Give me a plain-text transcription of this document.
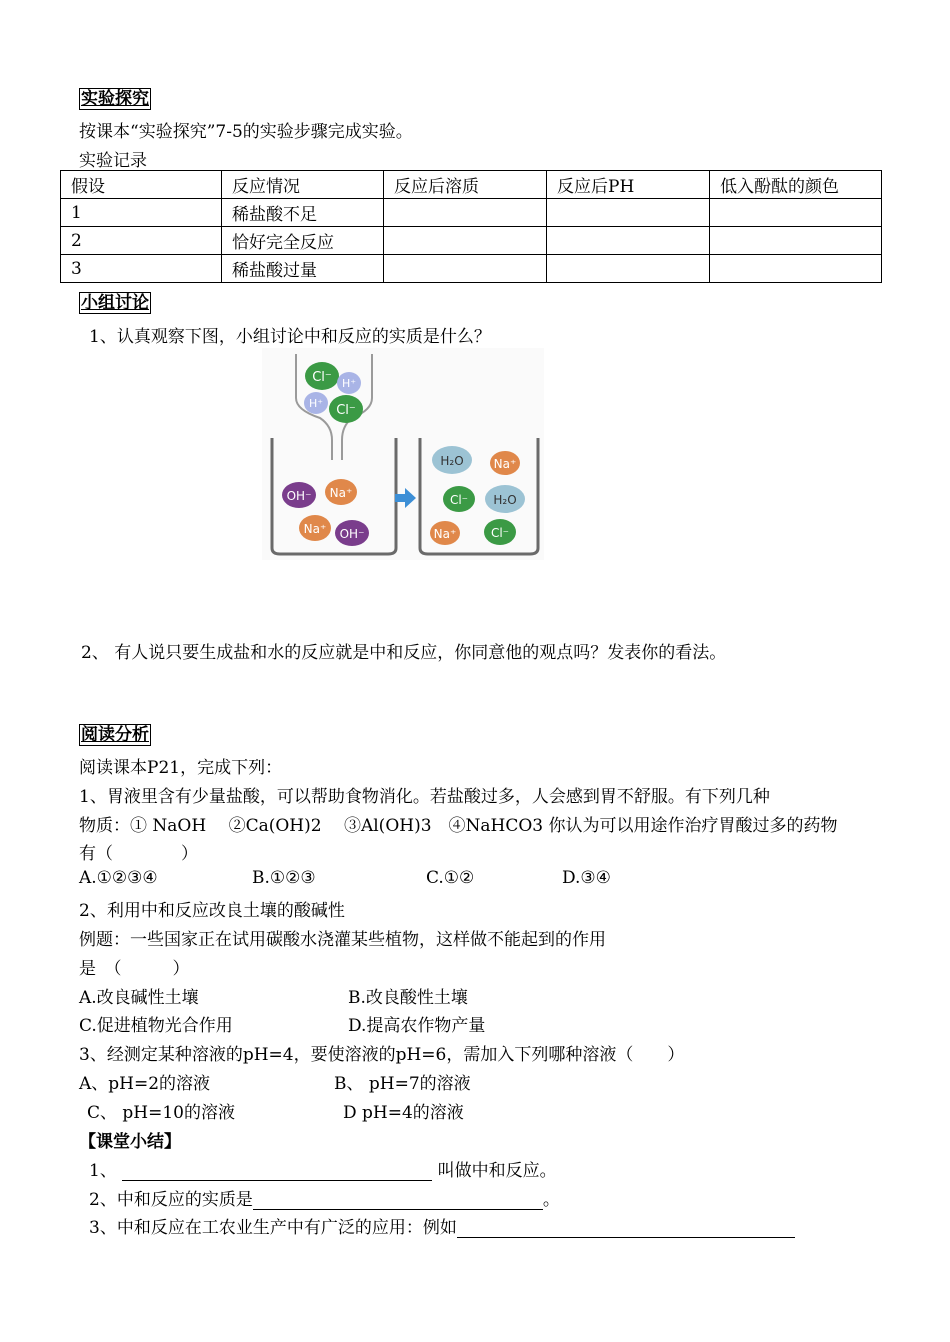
实验探究
按课本“实验探究”7-5的实验步骤完成实验。
实验记录
假设	反应情况	反应后溶质	反应后PH	低入酚酞的颜色
1	稀盐酸不足			
2	恰好完全反应			
3	稀盐酸过量			
小组讨论
1、认真观察下图，小组讨论中和反应的实质是什么？
Cl⁻ H⁺
H⁺ Cl⁻
OH⁻ Na⁺
Na⁺ OH⁻
H₂O	Na⁺
Cl⁻ H₂O
Na⁺	Cl⁻
2、 有人说只要生成盐和水的反应就是中和反应，你同意他的观点吗？发表你的看法。
阅读分析
阅读课本P21，完成下列：
1、胃液里含有少量盐酸，可以帮助食物消化。若盐酸过多，人会感到胃不舒服。有下列几种
物质：① NaOH　 ②Ca(OH)2 　③Al(OH)3　④NaHCO3 你认为可以用途作治疗胃酸过多的药物
有（　　　　）
A.①②③④	B.①②③	C.①②	D.③④
2、利用中和反应改良土壤的酸碱性
例题：一些国家正在试用碳酸水浇灌某些植物，这样做不能起到的作用
是　（　　　）
A.改良碱性土壤	B.改良酸性土壤
C.促进植物光合作用	D.提高农作物产量
3、经测定某种溶液的pH=4，要使溶液的pH=6，需加入下列哪种溶液（　　）
A、pH=2的溶液	B、 pH=7的溶液
C、 pH=10的溶液	D pH=4的溶液
【课堂小结】
1、	叫做中和反应。
2、中和反应的实质是	。
3、中和反应在工农业生产中有广泛的应用：例如
